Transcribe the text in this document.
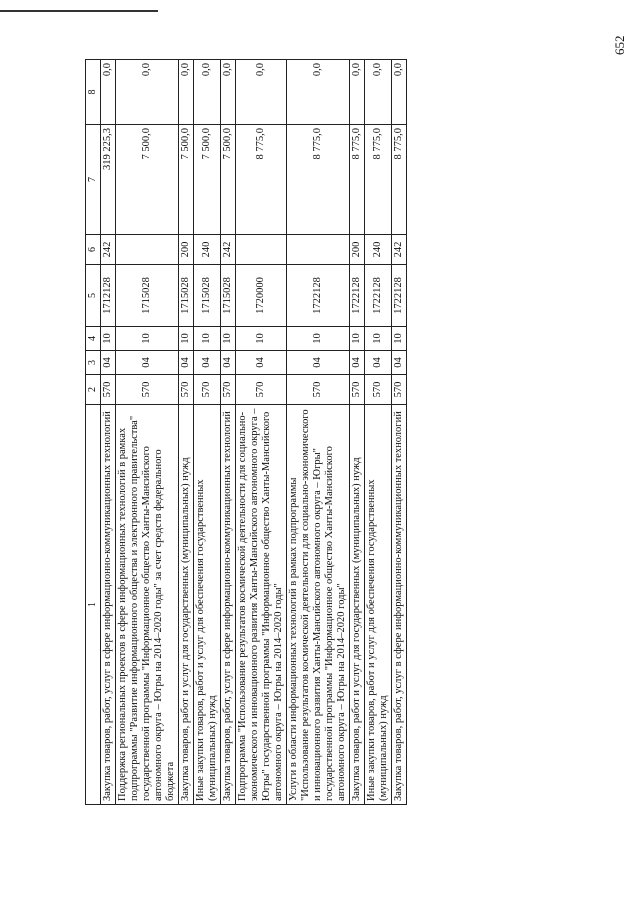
652
1	2	3	4	5	6	7	8
Закупка товаров, работ, услуг в сфере информационно-коммуникационных технологий	570	04	10	1712128	242	319 225,3	0,0
Поддержка региональных проектов в сфере информационных технологий в рамках подпрограммы "Развитие информационного общества и электронного правительства" государственной программы "Информационное общество Ханты-Мансийского автономного округа – Югры на 2014–2020 годы" за счет средств федерального бюджета	570	04	10	1715028		7 500,0	0,0
Закупка товаров, работ и услуг для государственных (муниципальных) нужд	570	04	10	1715028	200	7 500,0	0,0
Иные закупки товаров, работ и услуг для обеспечения государственных (муниципальных) нужд	570	04	10	1715028	240	7 500,0	0,0
Закупка товаров, работ, услуг в сфере информационно-коммуникационных технологий	570	04	10	1715028	242	7 500,0	0,0
Подпрограмма "Использование результатов космической деятельности для социально-экономического и инновационного развития Ханты-Мансийского автономного округа – Югры" государственной программы "Информационное общество Ханты-Мансийского автономного округа – Югры на 2014–2020 годы"	570	04	10	1720000		8 775,0	0,0
Услуги в области информационных технологий в рамках подпрограммы "Использование результатов космической деятельности для социально-экономического и инновационного развития Ханты-Мансийского автономного округа – Югры" государственной программы "Информационное общество Ханты-Мансийского автономного округа – Югры на 2014–2020 годы"	570	04	10	1722128		8 775,0	0,0
Закупка товаров, работ и услуг для государственных (муниципальных) нужд	570	04	10	1722128	200	8 775,0	0,0
Иные закупки товаров, работ и услуг для обеспечения государственных (муниципальных) нужд	570	04	10	1722128	240	8 775,0	0,0
Закупка товаров, работ, услуг в сфере информационно-коммуникационных технологий	570	04	10	1722128	242	8 775,0	0,0
